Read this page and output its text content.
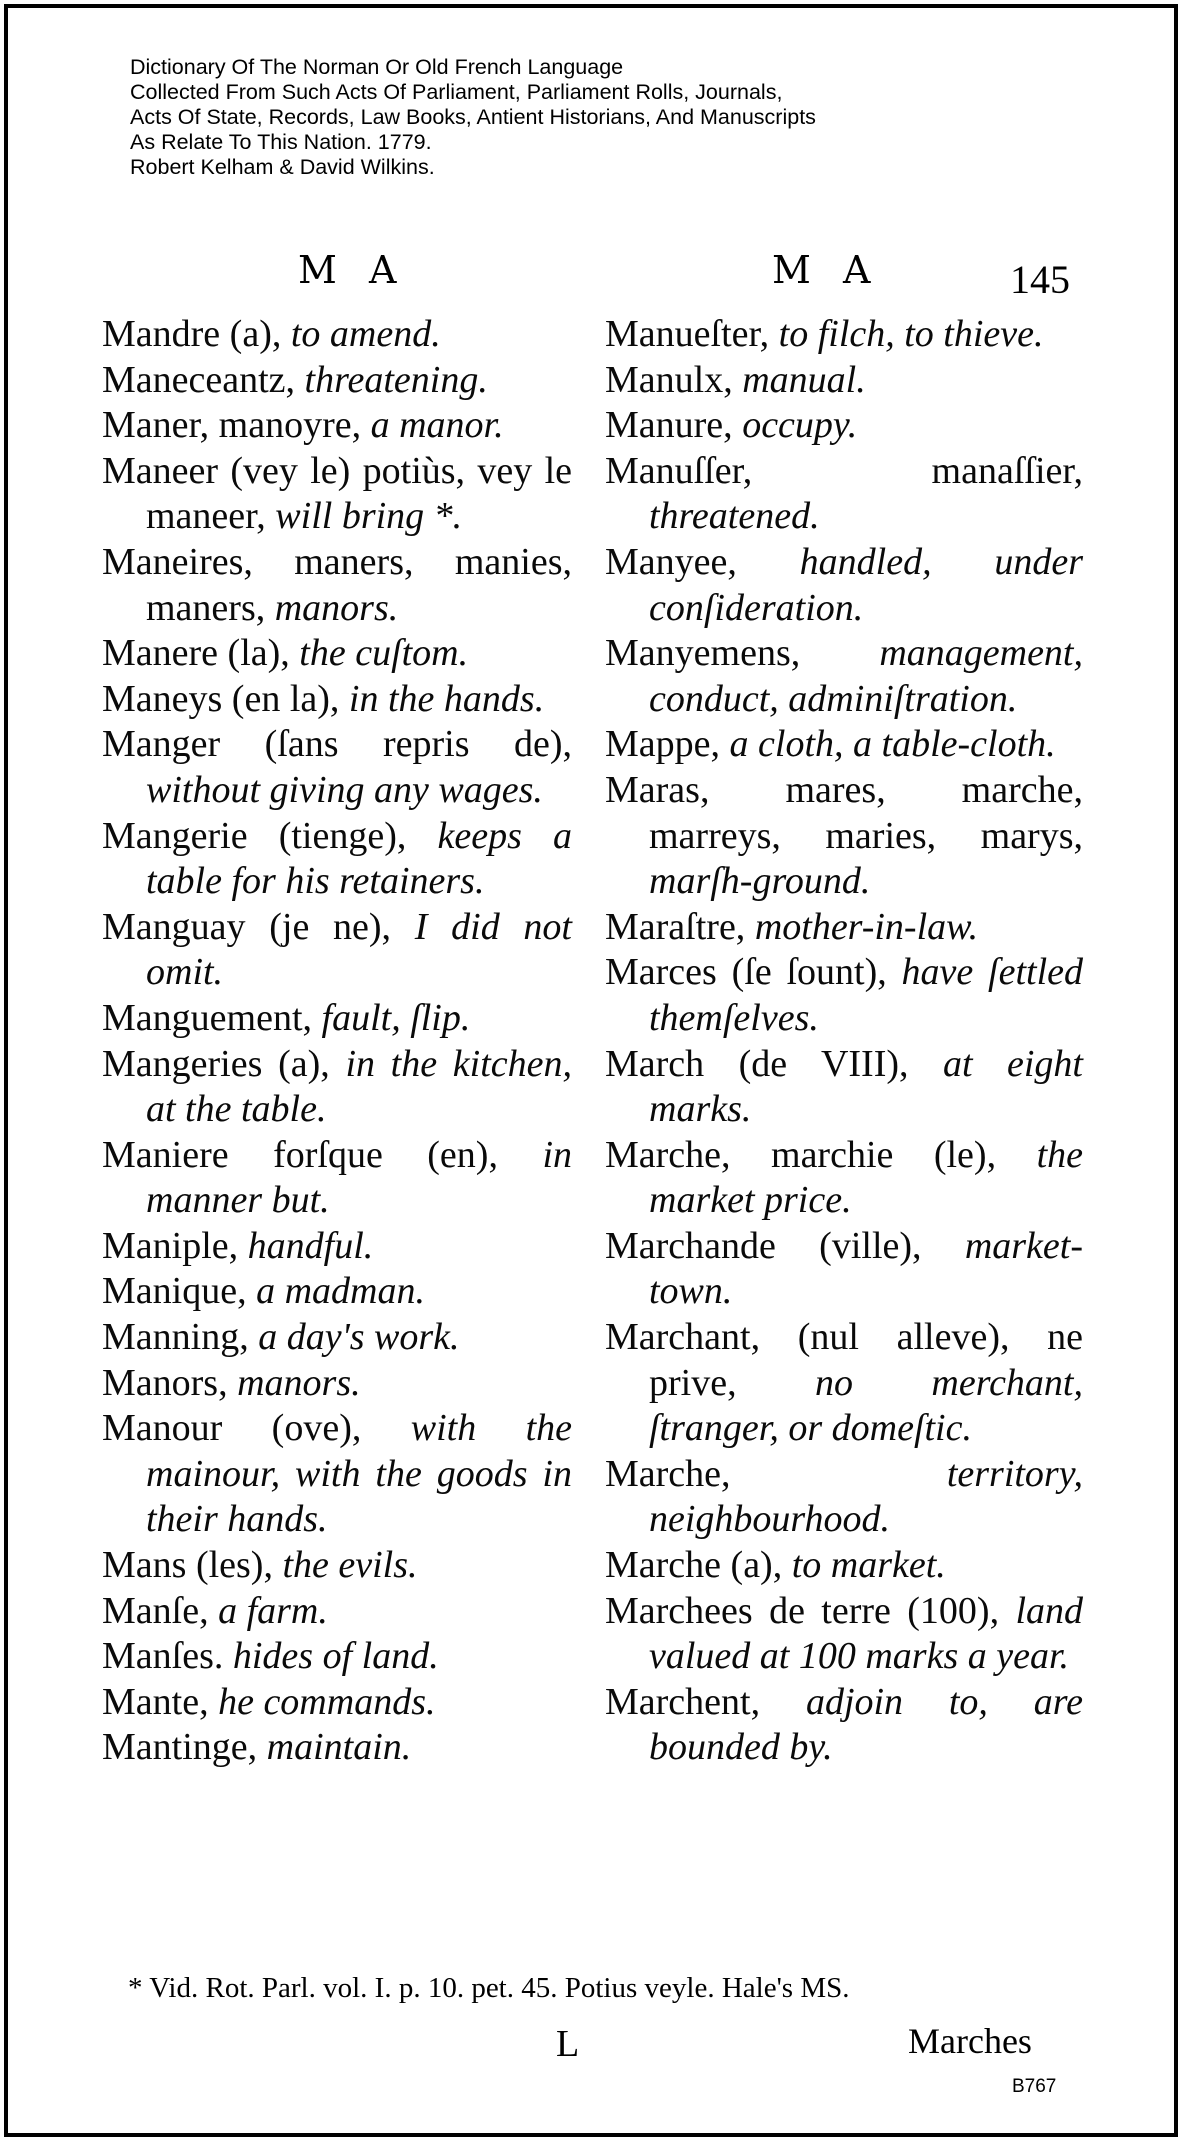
Dictionary Of The Norman Or Old French Language
Collected From Such Acts Of Parliament, Parliament Rolls, Journals,
Acts Of State, Records, Law Books, Antient Historians, And Manuscripts
As Relate To This Nation. 1779.
Robert Kelham & David Wilkins.
M A	M A	145

Mandre (a), to amend.

Maneceantz, threatening.

Maner, manoyre, a manor.

Maneer (vey le) potiùs, vey le maneer, will bring *.

Maneires, maners, manies, maners, manors.

Manere (la), the cuſtom.

Maneys (en la), in the hands.

Manger (ſans repris de), without giving any wages.

Mangerie (tienge), keeps a table for his retainers.

Manguay (je ne), I did not omit.

Manguement, fault, ſlip.

Mangeries (a), in the kitchen, at the table.

Maniere forſque (en), in manner but.

Maniple, handful.

Manique, a madman.

Manning, a day's work.

Manors, manors.

Manour (ove), with the mainour, with the goods in their hands.

Mans (les), the evils.

Manſe, a farm.

Manſes. hides of land.

Mante, he commands.

Mantinge, maintain.

Manueſter, to filch, to thieve.

Manulx, manual.

Manure, occupy.

Manuſſer, manaſſier, threatened.

Manyee, handled, under conſideration.

Manyemens, management, conduct, adminiſtration.

Mappe, a cloth, a table-cloth.

Maras, mares, marche, marreys, maries, marys, marſh-ground.

Maraſtre, mother-in-law.

Marces (ſe ſount), have ſettled themſelves.

March (de VIII), at eight marks.

Marche, marchie (le), the market price.

Marchande (ville), market-town.

Marchant, (nul alleve), ne prive, no merchant, ſtranger, or domeſtic.

Marche,	territory, neighbourhood.

Marche (a), to market.

Marchees de terre (100), land valued at 100 marks a year.

Marchent, adjoin to, are bounded by.

* Vid. Rot. Parl. vol. I. p. 10. pet. 45. Potius veyle. Hale's MS.
L	Marches
B767
